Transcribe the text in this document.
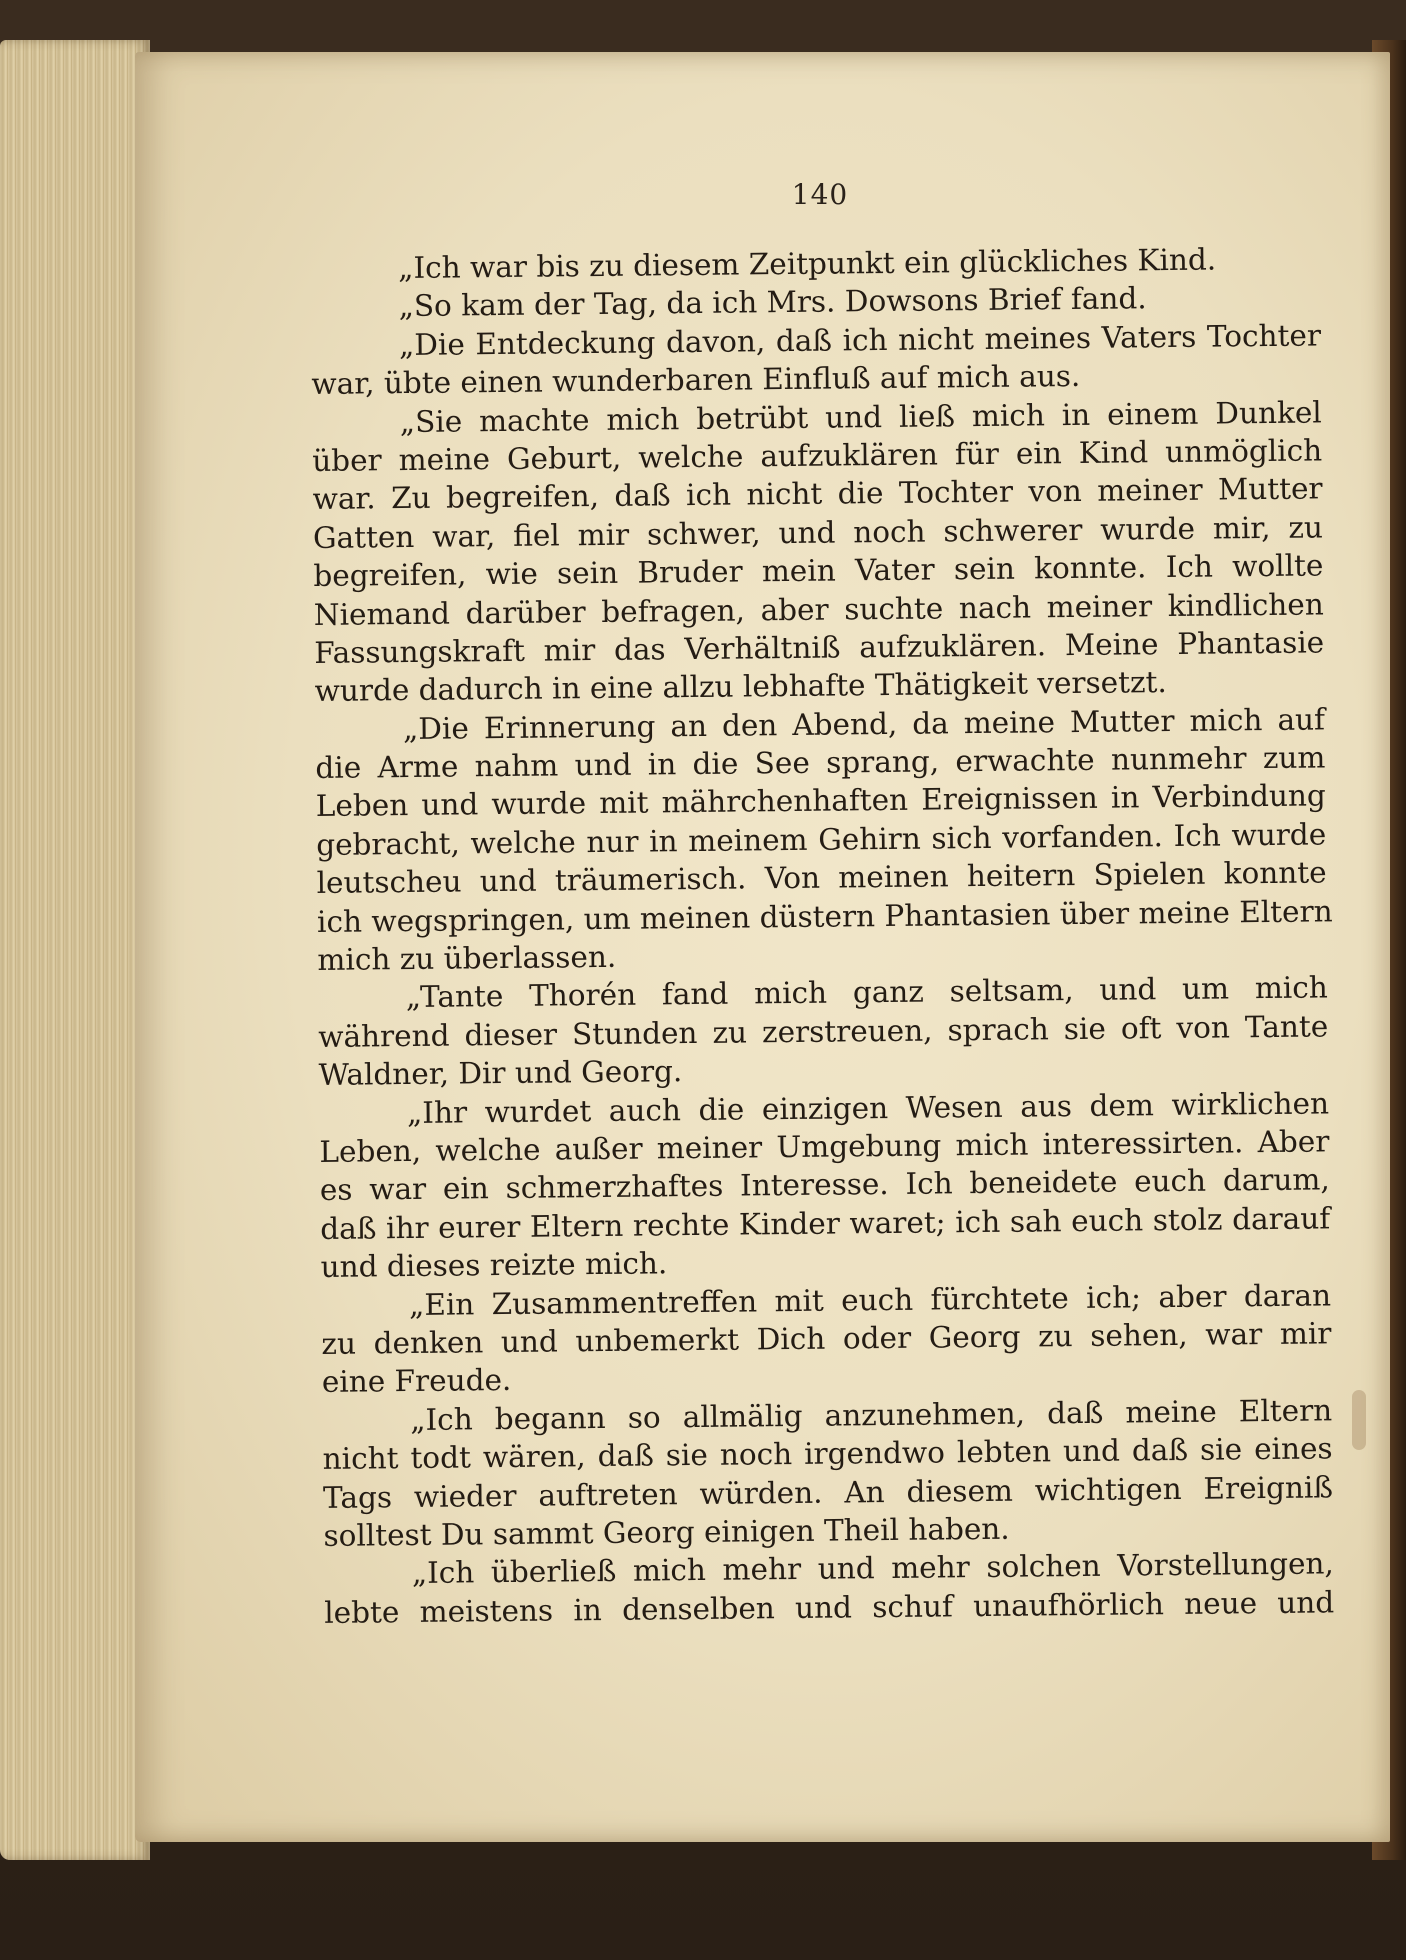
140
„Ich war bis zu diesem Zeitpunkt ein glückliches Kind.
„So kam der Tag, da ich Mrs. Dowsons Brief fand.
„Die Entdeckung davon, daß ich nicht meines Vaters Tochter
war, übte einen wunderbaren Einfluß auf mich aus.
„Sie machte mich betrübt und ließ mich in einem Dunkel
über meine Geburt, welche aufzuklären für ein Kind unmöglich
war. Zu begreifen, daß ich nicht die Tochter von meiner Mutter
Gatten war, fiel mir schwer, und noch schwerer wurde mir, zu
begreifen, wie sein Bruder mein Vater sein konnte. Ich wollte
Niemand darüber befragen, aber suchte nach meiner kindlichen
Fassungskraft mir das Verhältniß aufzuklären. Meine Phantasie
wurde dadurch in eine allzu lebhafte Thätigkeit versetzt.
„Die Erinnerung an den Abend, da meine Mutter mich auf
die Arme nahm und in die See sprang, erwachte nunmehr zum
Leben und wurde mit mährchenhaften Ereignissen in Verbindung
gebracht, welche nur in meinem Gehirn sich vorfanden. Ich wurde
leutscheu und träumerisch. Von meinen heitern Spielen konnte
ich wegspringen, um meinen düstern Phantasien über meine Eltern
mich zu überlassen.
„Tante Thorén fand mich ganz seltsam, und um mich
während dieser Stunden zu zerstreuen, sprach sie oft von Tante
Waldner, Dir und Georg.
„Ihr wurdet auch die einzigen Wesen aus dem wirklichen
Leben, welche außer meiner Umgebung mich interessirten. Aber
es war ein schmerzhaftes Interesse. Ich beneidete euch darum,
daß ihr eurer Eltern rechte Kinder waret; ich sah euch stolz darauf
und dieses reizte mich.
„Ein Zusammentreffen mit euch fürchtete ich; aber daran
zu denken und unbemerkt Dich oder Georg zu sehen, war mir
eine Freude.
„Ich begann so allmälig anzunehmen, daß meine Eltern
nicht todt wären, daß sie noch irgendwo lebten und daß sie eines
Tags wieder auftreten würden. An diesem wichtigen Ereigniß
solltest Du sammt Georg einigen Theil haben.
„Ich überließ mich mehr und mehr solchen Vorstellungen,
lebte meistens in denselben und schuf unaufhörlich neue und
